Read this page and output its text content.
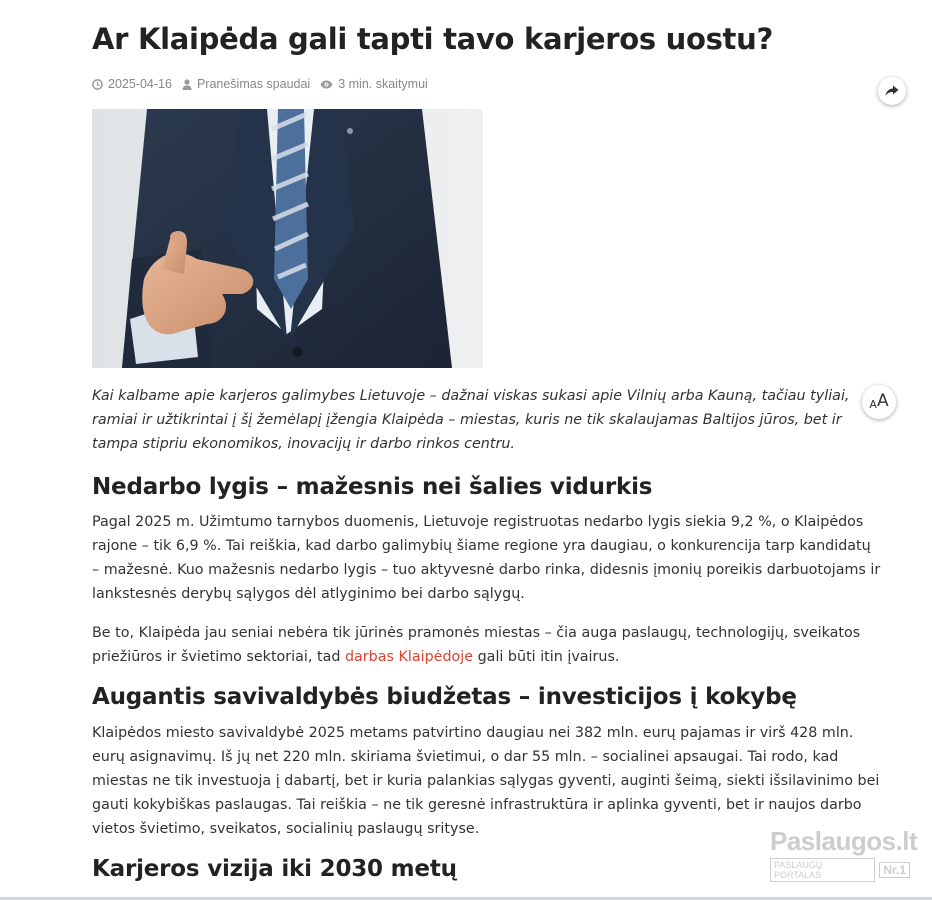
Ar Klaipėda gali tapti tavo karjeros uostu?
2025-04-16 Pranešimas spaudai 3 min. skaitymui
A A

Kai kalbame apie karjeros galimybes Lietuvoje – dažnai viskas sukasi apie Vilnių arba Kauną, tačiau tyliai, ramiai ir užtikrintai į šį žemėlapį įžengia Klaipėda – miestas, kuris ne tik skalaujamas Baltijos jūros, bet ir tampa stipriu ekonomikos, inovacijų ir darbo rinkos centru.

Nedarbo lygis – mažesnis nei šalies vidurkis

Pagal 2025 m. Užimtumo tarnybos duomenis, Lietuvoje registruotas nedarbo lygis siekia 9,2 %, o Klaipėdos rajone – tik 6,9 %. Tai reiškia, kad darbo galimybių šiame regione yra daugiau, o konkurencija tarp kandidatų – mažesnė. Kuo mažesnis nedarbo lygis – tuo aktyvesnė darbo rinka, didesnis įmonių poreikis darbuotojams ir lankstesnės derybų sąlygos dėl atlyginimo bei darbo sąlygų.

Be to, Klaipėda jau seniai nebėra tik jūrinės pramonės miestas – čia auga paslaugų, technologijų, sveikatos priežiūros ir švietimo sektoriai, tad darbas Klaipėdoje gali būti itin įvairus.

Augantis savivaldybės biudžetas – investicijos į kokybę

Klaipėdos miesto savivaldybė 2025 metams patvirtino daugiau nei 382 mln. eurų pajamas ir virš 428 mln. eurų asignavimų. Iš jų net 220 mln. skiriama švietimui, o dar 55 mln. – socialinei apsaugai. Tai rodo, kad miestas ne tik investuoja į dabartį, bet ir kuria palankias sąlygas gyventi, auginti šeimą, siekti išsilavinimo bei gauti kokybiškas paslaugas. Tai reiškia – ne tik geresnė infrastruktūra ir aplinka gyventi, bet ir naujos darbo vietos švietimo, sveikatos, socialinių paslaugų srityse.

Karjeros vizija iki 2030 metų
Paslaugos.lt
PASLAUGŲ PORTALAS	Nr.1
